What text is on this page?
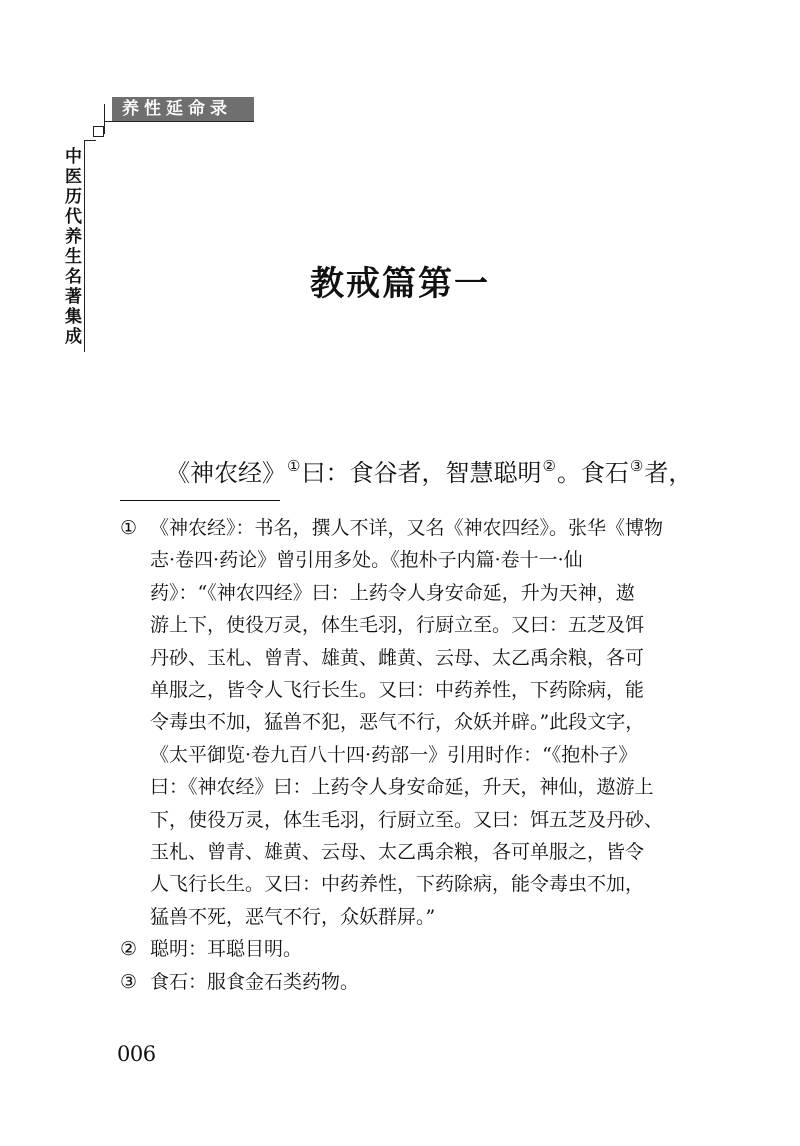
养性延命录
中医历代养生名著集成	教戒篇第一
《神农经》①曰：食谷者，智慧聪明②。食石③者，
① 《神农经》：书名，撰人不详，又名《神农四经》。张华《博物
志·卷四·药论》曾引用多处。《抱朴子内篇·卷十一·仙
药》：“《神农四经》曰：上药令人身安命延，升为天神，遨
游上下，使役万灵，体生毛羽，行厨立至。又曰：五芝及饵
丹砂、玉札、曾青、雄黄、雌黄、云母、太乙禹余粮，各可
单服之，皆令人飞行长生。又曰：中药养性，下药除病，能
令毒虫不加，猛兽不犯，恶气不行，众妖并辟。”此段文字，
《太平御览·卷九百八十四·药部一》引用时作：“《抱朴子》
曰：《神农经》曰：上药令人身安命延，升天，神仙，遨游上
下，使役万灵，体生毛羽，行厨立至。又曰：饵五芝及丹砂、
玉札、曾青、雄黄、云母、太乙禹余粮，各可单服之，皆令
人飞行长生。又曰：中药养性，下药除病，能令毒虫不加，
猛兽不死，恶气不行，众妖群屏。”
② 聪明：耳聪目明。
③ 食石：服食金石类药物。
006
